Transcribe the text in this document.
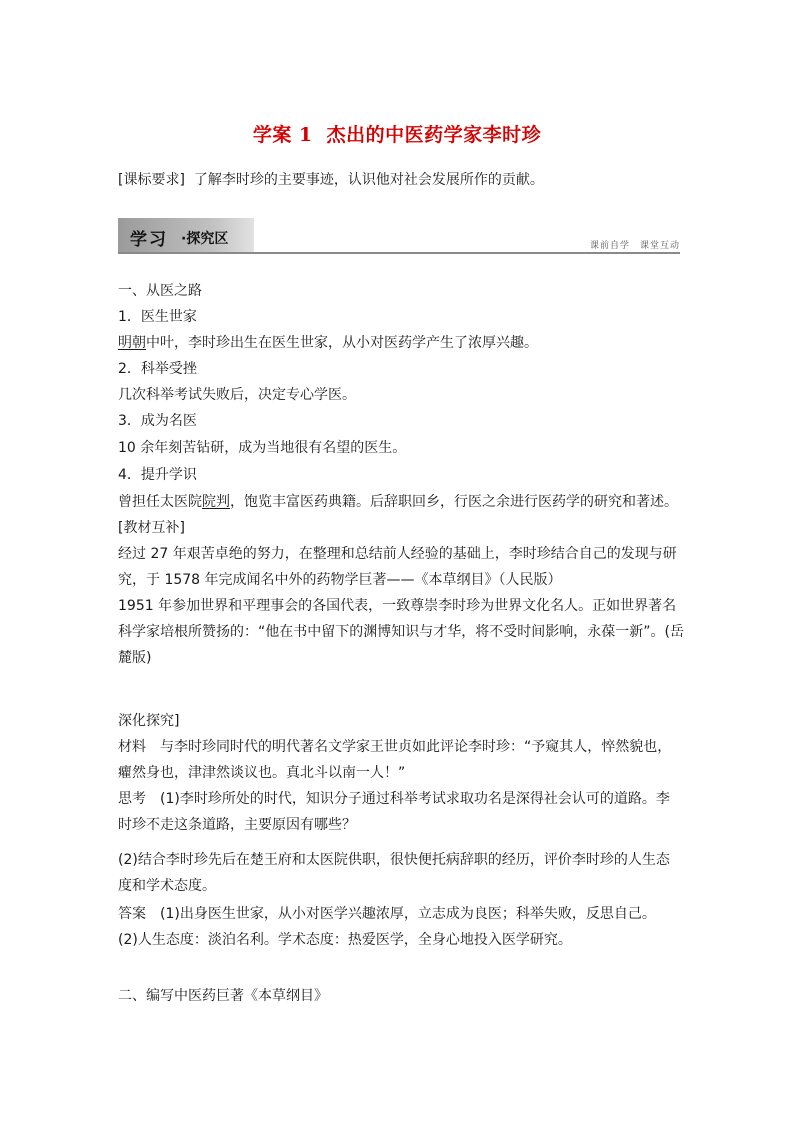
学案 1 杰出的中医药学家李时珍
[课标要求] 了解李时珍的主要事迹，认识他对社会发展所作的贡献。
学习 ·探究区	课前自学　课堂互动
一、从医之路
1．医生世家
明朝中叶，李时珍出生在医生世家，从小对医药学产生了浓厚兴趣。
2．科举受挫
几次科举考试失败后，决定专心学医。
3．成为名医
10 余年刻苦钻研，成为当地很有名望的医生。
4．提升学识
曾担任太医院院判，饱览丰富医药典籍。后辞职回乡，行医之余进行医药学的研究和著述。
[教材互补]
经过 27 年艰苦卓绝的努力，在整理和总结前人经验的基础上，李时珍结合自己的发现与研
究，于 1578 年完成闻名中外的药物学巨著——《本草纲目》（人民版）
1951 年参加世界和平理事会的各国代表，一致尊崇李时珍为世界文化名人。正如世界著名
科学家培根所赞扬的：“他在书中留下的渊博知识与才华，将不受时间影响，永葆一新”。(岳
麓版)
深化探究]
材料　与李时珍同时代的明代著名文学家王世贞如此评论李时珍：“予窥其人，悴然貌也，
癯然身也，津津然谈议也。真北斗以南一人！”
思考　(1)李时珍所处的时代，知识分子通过科举考试求取功名是深得社会认可的道路。李
时珍不走这条道路，主要原因有哪些？
(2)结合李时珍先后在楚王府和太医院供职，很快便托病辞职的经历，评价李时珍的人生态
度和学术态度。
答案　(1)出身医生世家，从小对医学兴趣浓厚，立志成为良医；科举失败，反思自己。
(2)人生态度：淡泊名利。学术态度：热爱医学，全身心地投入医学研究。
二、编写中医药巨著《本草纲目》
